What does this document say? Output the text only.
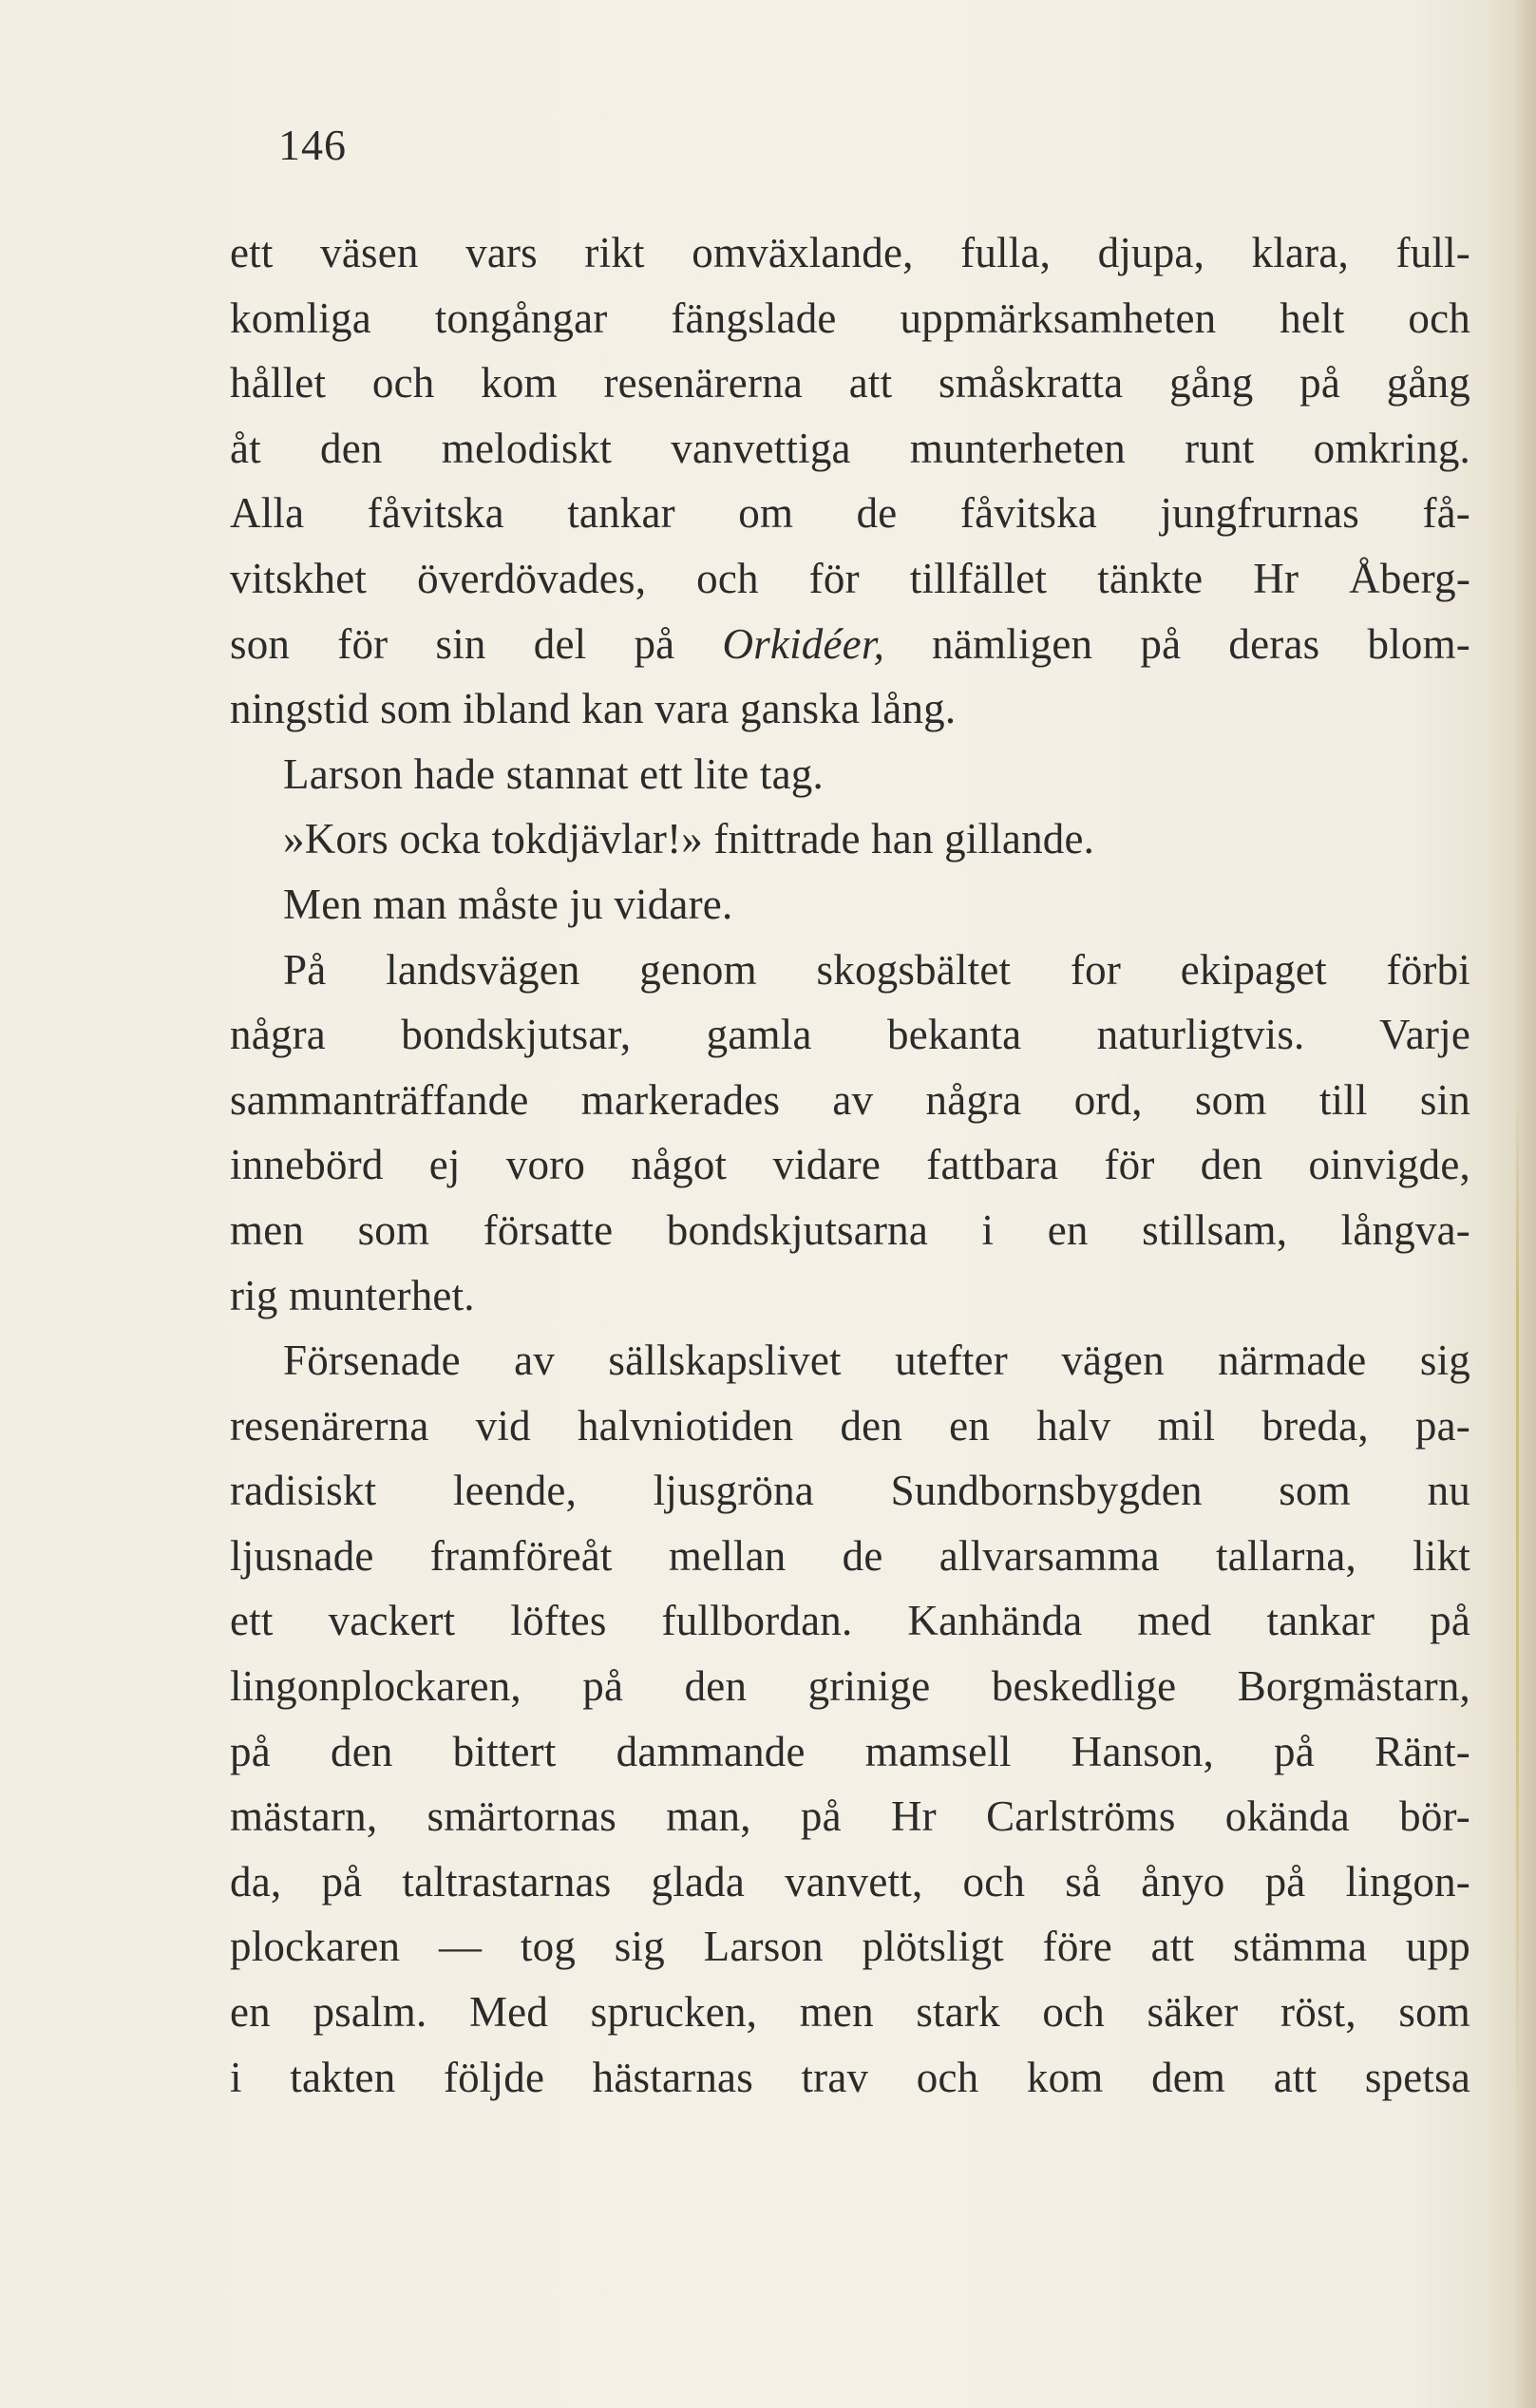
146
ett väsen vars rikt omväxlande, fulla, djupa, klara, full-
komliga tongångar fängslade uppmärksamheten helt och
hållet och kom resenärerna att småskratta gång på gång
åt den melodiskt vanvettiga munterheten runt omkring.
Alla fåvitska tankar om de fåvitska jungfrurnas få-
vitskhet överdövades, och för tillfället tänkte Hr Åberg-
son för sin del på Orkidéer, nämligen på deras blom-
ningstid som ibland kan vara ganska lång.
Larson hade stannat ett lite tag.
»Kors ocka tokdjävlar!» fnittrade han gillande.
Men man måste ju vidare.
På landsvägen genom skogsbältet for ekipaget förbi
några bondskjutsar, gamla bekanta naturligtvis. Varje
sammanträffande markerades av några ord, som till sin
innebörd ej voro något vidare fattbara för den oinvigde,
men som försatte bondskjutsarna i en stillsam, långva-
rig munterhet.
Försenade av sällskapslivet utefter vägen närmade sig
resenärerna vid halvniotiden den en halv mil breda, pa-
radisiskt leende, ljusgröna Sundbornsbygden som nu
ljusnade framföreåt mellan de allvarsamma tallarna, likt
ett vackert löftes fullbordan. Kanhända med tankar på
lingonplockaren, på den grinige beskedlige Borgmästarn,
på den bittert dammande mamsell Hanson, på Ränt-
mästarn, smärtornas man, på Hr Carlströms okända bör-
da, på taltrastarnas glada vanvett, och så ånyo på lingon-
plockaren — tog sig Larson plötsligt före att stämma upp
en psalm. Med sprucken, men stark och säker röst, som
i takten följde hästarnas trav och kom dem att spetsa
